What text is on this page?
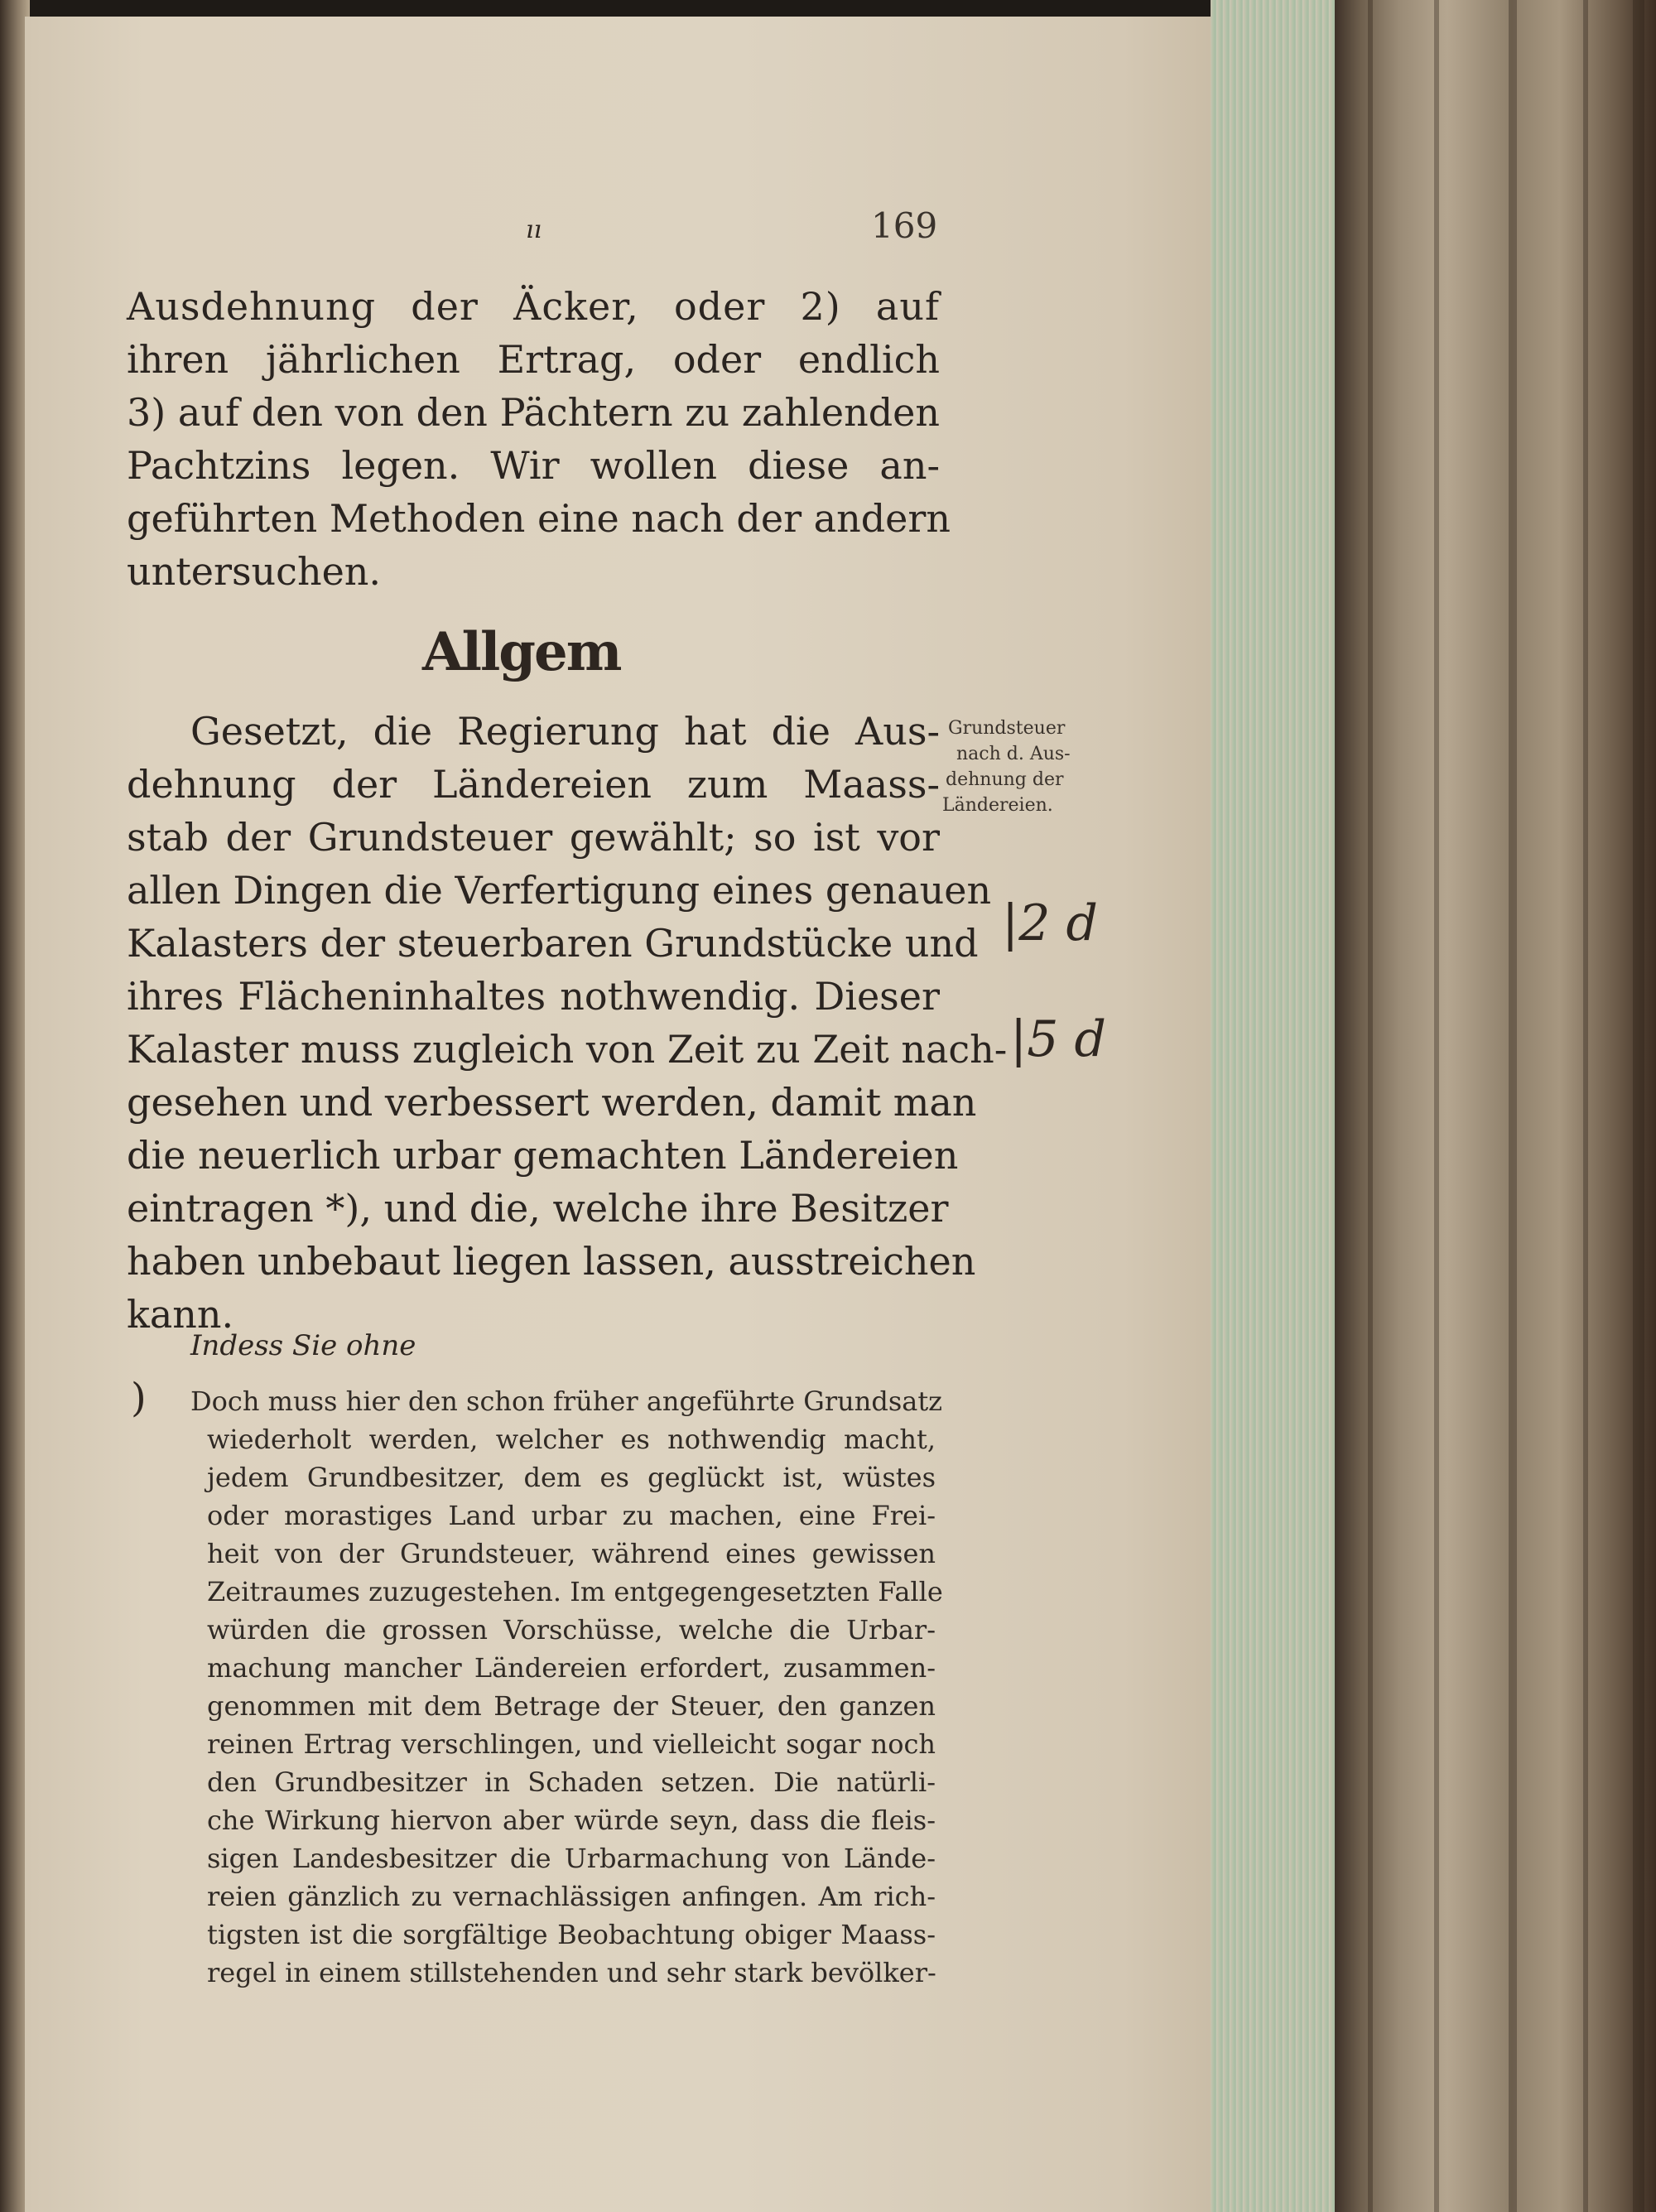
169
ıı
Ausdehnung der Äcker, oder 2) auf
ihren jährlichen Ertrag, oder endlich
3) auf den von den Pächtern zu zahlenden
Pachtzins legen. Wir wollen diese an-
geführten Methoden eine nach der andern
untersuchen.
Allgem
Gesetzt, die Regierung hat die Aus-
dehnung der Ländereien zum Maass-
stab der Grundsteuer gewählt; so ist vor
allen Dingen die Verfertigung eines genauen
Kalasters der steuerbaren Grundstücke und
ihres Flächeninhaltes nothwendig. Dieser
Kalaster muss zugleich von Zeit zu Zeit nach-
gesehen und verbessert werden, damit man
die neuerlich urbar gemachten Ländereien
eintragen *), und die, welche ihre Besitzer
haben unbebaut liegen lassen, ausstreichen
kann.
Grundsteuer
nach d. Aus-
dehnung der
Ländereien.
|2 d
|5 d
)
Indess Sie ohne
Doch muss hier den schon früher angeführte Grundsatz
wiederholt werden, welcher es nothwendig macht,
jedem Grundbesitzer, dem es geglückt ist, wüstes
oder morastiges Land urbar zu machen, eine Frei-
heit von der Grundsteuer, während eines gewissen
Zeitraumes zuzugestehen. Im entgegengesetzten Falle
würden die grossen Vorschüsse, welche die Urbar-
machung mancher Ländereien erfordert, zusammen-
genommen mit dem Betrage der Steuer, den ganzen
reinen Ertrag verschlingen, und vielleicht sogar noch
den Grundbesitzer in Schaden setzen. Die natürli-
che Wirkung hiervon aber würde seyn, dass die fleis-
sigen Landesbesitzer die Urbarmachung von Lände-
reien gänzlich zu vernachlässigen anfingen. Am rich-
tigsten ist die sorgfältige Beobachtung obiger Maass-
regel in einem stillstehenden und sehr stark bevölker-
